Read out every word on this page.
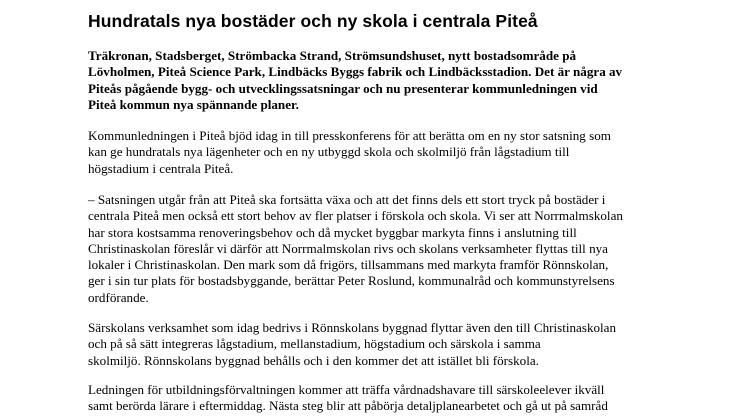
Hundratals nya bostäder och ny skola i centrala Piteå

Träkronan, Stadsberget, Strömbacka Strand, Strömsundshuset, nytt bostadsområde på
Lövholmen, Piteå Science Park, Lindbäcks Byggs fabrik och Lindbäcksstadion. Det är några av
Piteås pågående bygg- och utvecklingssatsningar och nu presenterar kommunledningen vid
Piteå kommun nya spännande planer.

Kommunledningen i Piteå bjöd idag in till presskonferens för att berätta om en ny stor satsning som
kan ge hundratals nya lägenheter och en ny utbyggd skola och skolmiljö från lågstadium till
högstadium i centrala Piteå.

– Satsningen utgår från att Piteå ska fortsätta växa och att det finns dels ett stort tryck på bostäder i
centrala Piteå men också ett stort behov av fler platser i förskola och skola. Vi ser att Norrmalmskolan
har stora kostsamma renoveringsbehov och då mycket byggbar markyta finns i anslutning till
Christinaskolan föreslår vi därför att Norrmalmskolan rivs och skolans verksamheter flyttas till nya
lokaler i Christinaskolan. Den mark som då frigörs, tillsammans med markyta framför Rönnskolan,
ger i sin tur plats för bostadsbyggande, berättar Peter Roslund, kommunalråd och kommunstyrelsens
ordförande.

Särskolans verksamhet som idag bedrivs i Rönnskolans byggnad flyttar även den till Christinaskolan
och på så sätt integreras lågstadium, mellanstadium, högstadium och särskola i samma
skolmiljö. Rönnskolans byggnad behålls och i den kommer det att istället bli förskola.

Ledningen för utbildningsförvaltningen kommer att träffa vårdnadshavare till särskoleelever ikväll
samt berörda lärare i eftermiddag. Nästa steg blir att påbörja detaljplanearbetet och gå ut på samråd
